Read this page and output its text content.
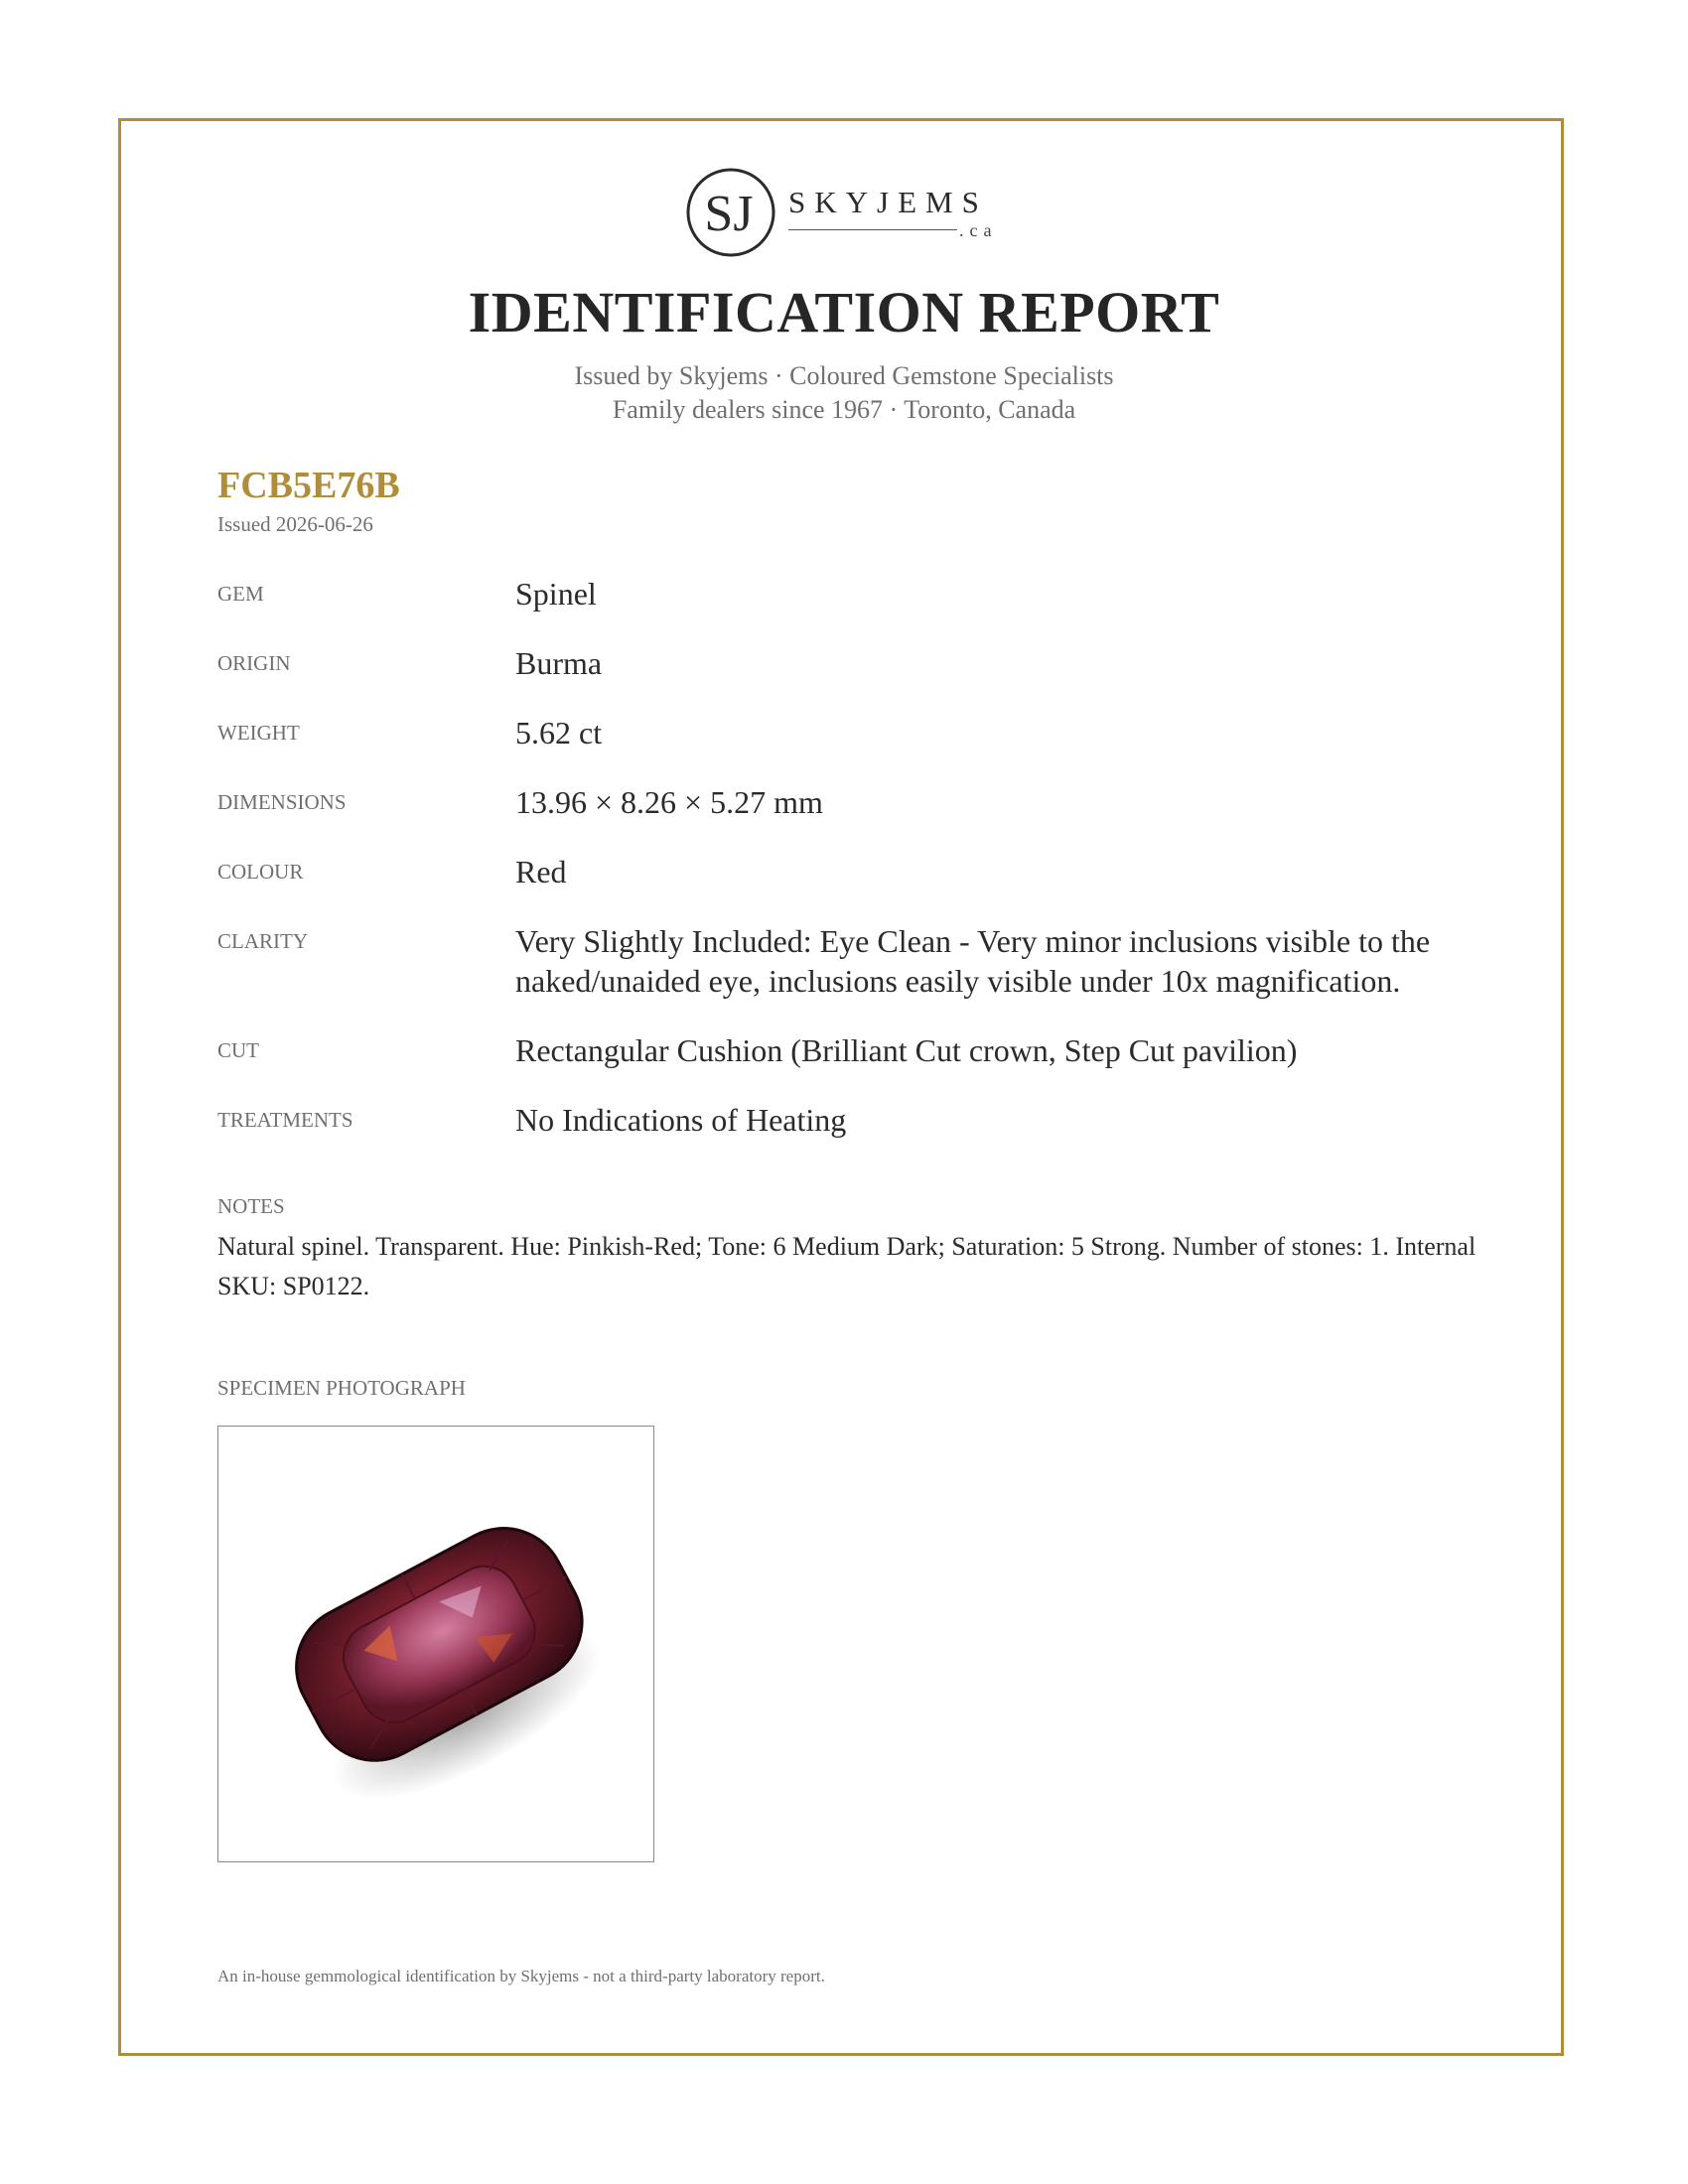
SJ SKYJEMS
.ca
IDENTIFICATION REPORT
Issued by Skyjems · Coloured Gemstone Specialists
Family dealers since 1967 · Toronto, Canada
FCB5E76B
Issued 2026-06-26
GEM	Spinel
ORIGIN	Burma
WEIGHT	5.62 ct
DIMENSIONS	13.96 × 8.26 × 5.27 mm
COLOUR	Red
CLARITY	Very Slightly Included: Eye Clean - Very minor inclusions visible to the naked/unaided eye, inclusions easily visible under 10x magnification.
CUT	Rectangular Cushion (Brilliant Cut crown, Step Cut pavilion)
TREATMENTS	No Indications of Heating
NOTES
Natural spinel. Transparent. Hue: Pinkish-Red; Tone: 6 Medium Dark; Saturation: 5 Strong. Number of stones: 1. Internal SKU: SP0122.
SPECIMEN PHOTOGRAPH
An in-house gemmological identification by Skyjems - not a third-party laboratory report.
